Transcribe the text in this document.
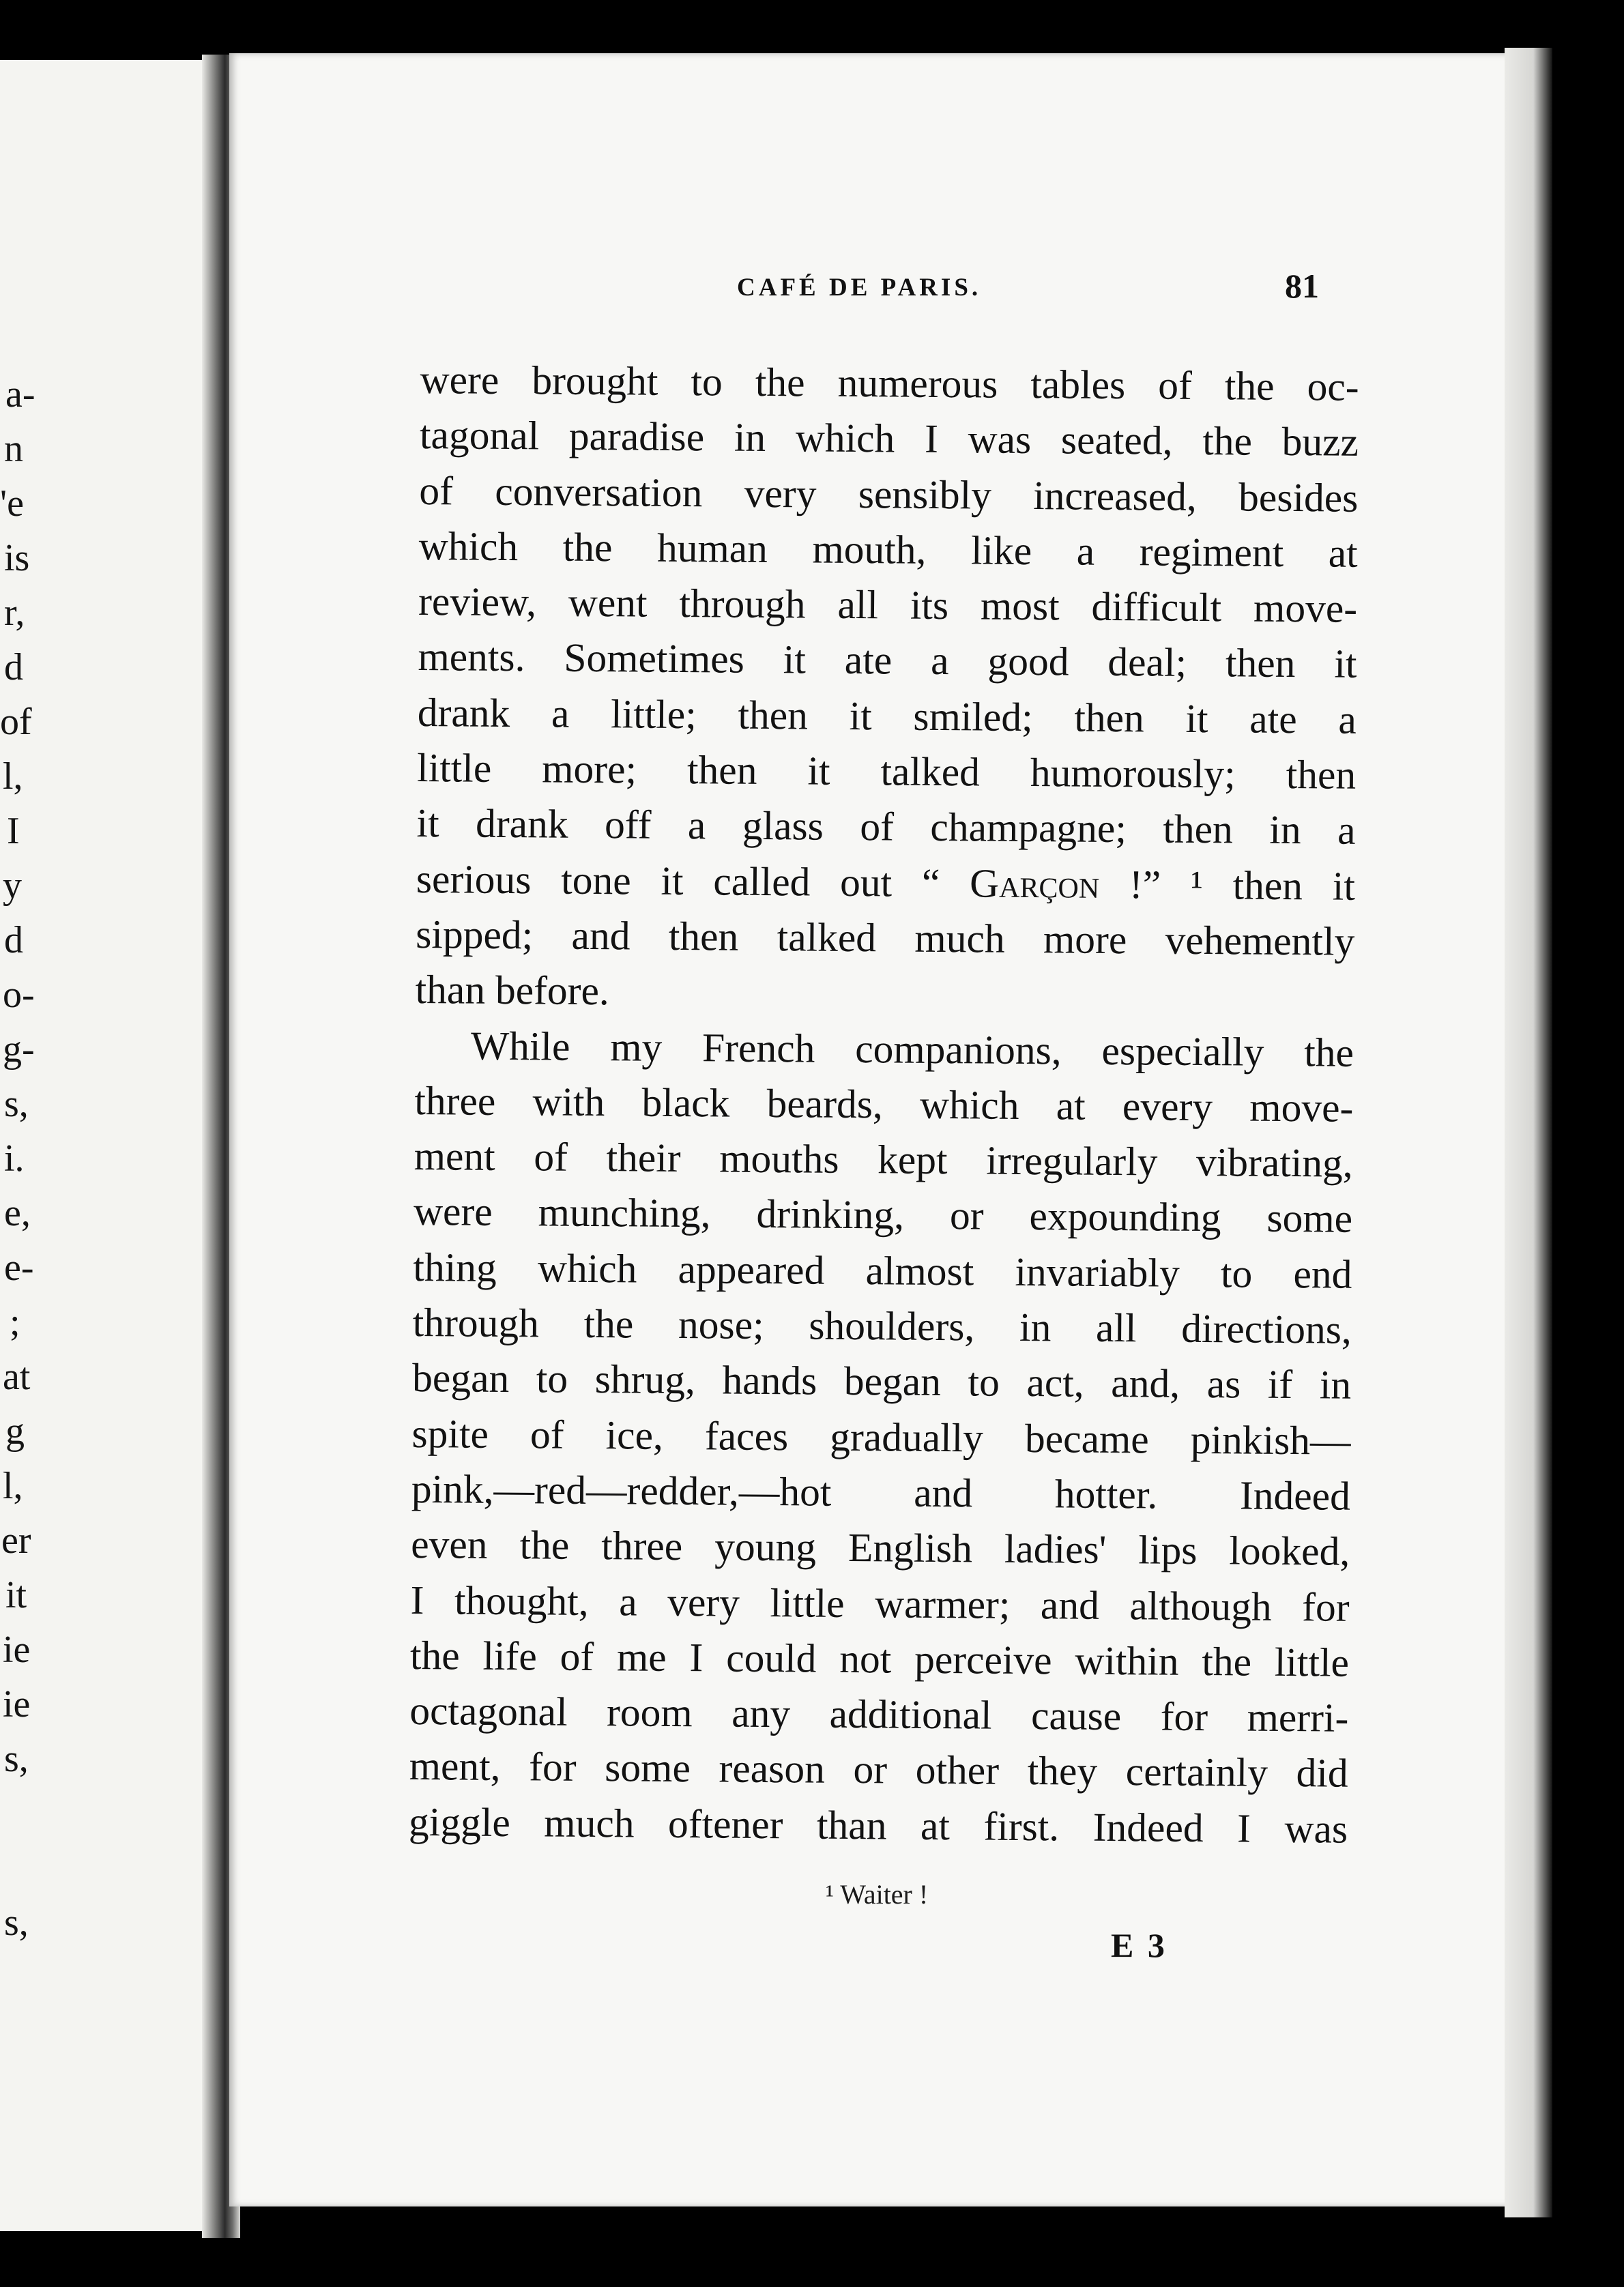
a-
n
'e
is
r,
d
of
l,
I
y
d
o-
g-
s,
i.
e,
e-
;
at
g
l,
er
it
ie
ie
s,
s,
CAFÉ DE PARIS.	81

were brought to the numerous tables of the oc-
tagonal paradise in which I was seated, the buzz
of conversation very sensibly increased, besides
which the human mouth, like a regiment at
review, went through all its most difficult move-
ments. Sometimes it ate a good deal; then it
drank a little; then it smiled; then it ate a
little more; then it talked humorously; then
it drank off a glass of champagne; then in a
serious tone it called out “ Garçon !” ¹ then it
sipped; and then talked much more vehemently
than before.

While my French companions, especially the

three with black beards, which at every move-
ment of their mouths kept irregularly vibrating,
were munching, drinking, or expounding some
thing which appeared almost invariably to end
through the nose; shoulders, in all directions,
began to shrug, hands began to act, and, as if in
spite of ice, faces gradually became pinkish—
pink,—red—redder,—hot and hotter. Indeed
even the three young English ladies' lips looked,
I thought, a very little warmer; and although for
the life of me I could not perceive within the little
octagonal room any additional cause for merri-
ment, for some reason or other they certainly did
giggle much oftener than at first. Indeed I was

¹ Waiter !
E 3
